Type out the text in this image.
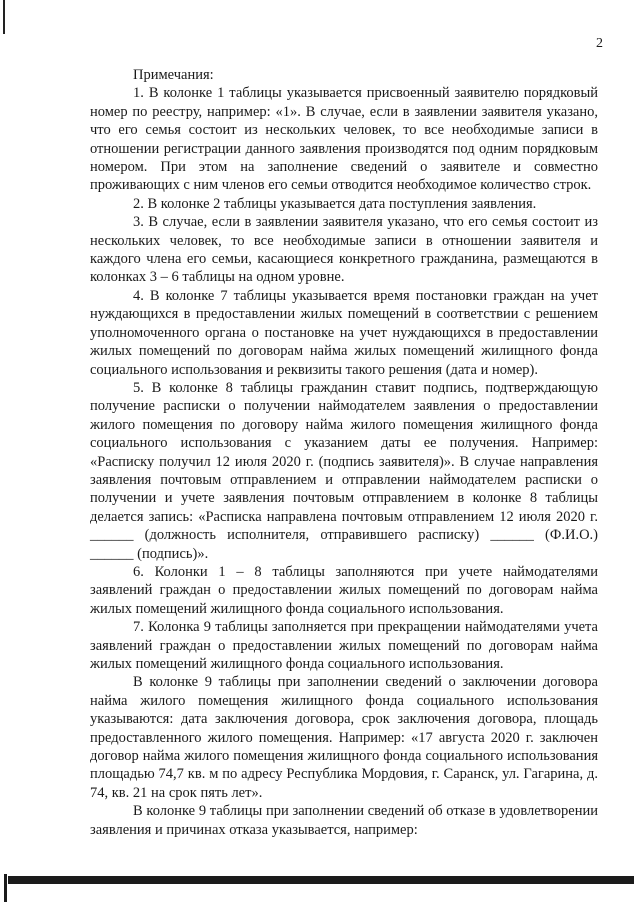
2

Примечания:

1. В колонке 1 таблицы указывается присвоенный заявителю порядковый номер по реестру, например: «1». В случае, если в заявлении заявителя указано, что его семья состоит из нескольких человек, то все необходимые записи в отношении регистрации данного заявления производятся под одним порядковым номером. При этом на заполнение сведений о заявителе и совместно проживающих с ним членов его семьи отводится необходимое количество строк.

2. В колонке 2 таблицы указывается дата поступления заявления.

3. В случае, если в заявлении заявителя указано, что его семья состоит из нескольких человек, то все необходимые записи в отношении заявителя и каждого члена его семьи, касающиеся конкретного гражданина, размещаются в колонках 3 – 6 таблицы на одном уровне.

4. В колонке 7 таблицы указывается время постановки граждан на учет нуждающихся в предоставлении жилых помещений в соответствии с решением уполномоченного органа о постановке на учет нуждающихся в предоставлении жилых помещений по договорам найма жилых помещений жилищного фонда социального использования и реквизиты такого решения (дата и номер).

5. В колонке 8 таблицы гражданин ставит подпись, подтверждающую получение расписки о получении наймодателем заявления о предоставлении жилого помещения по договору найма жилого помещения жилищного фонда социального использования с указанием даты ее получения. Например: «Расписку получил 12 июля 2020 г. (подпись заявителя)». В случае направления заявления почтовым отправлением и отправлении наймодателем расписки о получении и учете заявления почтовым отправлением в колонке 8 таблицы делается запись: «Расписка направлена почтовым отправлением 12 июля 2020 г. ______ (должность исполнителя, отправившего расписку) ______ (Ф.И.О.) ______ (подпись)».

6. Колонки 1 – 8 таблицы заполняются при учете наймодателями заявлений граждан о предоставлении жилых помещений по договорам найма жилых помещений жилищного фонда социального использования.

7. Колонка 9 таблицы заполняется при прекращении наймодателями учета заявлений граждан о предоставлении жилых помещений по договорам найма жилых помещений жилищного фонда социального использования.

В колонке 9 таблицы при заполнении сведений о заключении договора найма жилого помещения жилищного фонда социального использования указываются: дата заключения договора, срок заключения договора, площадь предоставленного жилого помещения. Например: «17 августа 2020 г. заключен договор найма жилого помещения жилищного фонда социального использования площадью 74,7 кв. м по адресу Республика Мордовия, г. Саранск, ул. Гагарина, д. 74, кв. 21 на срок пять лет».

В колонке 9 таблицы при заполнении сведений об отказе в удовлетворении заявления и причинах отказа указывается, например:
